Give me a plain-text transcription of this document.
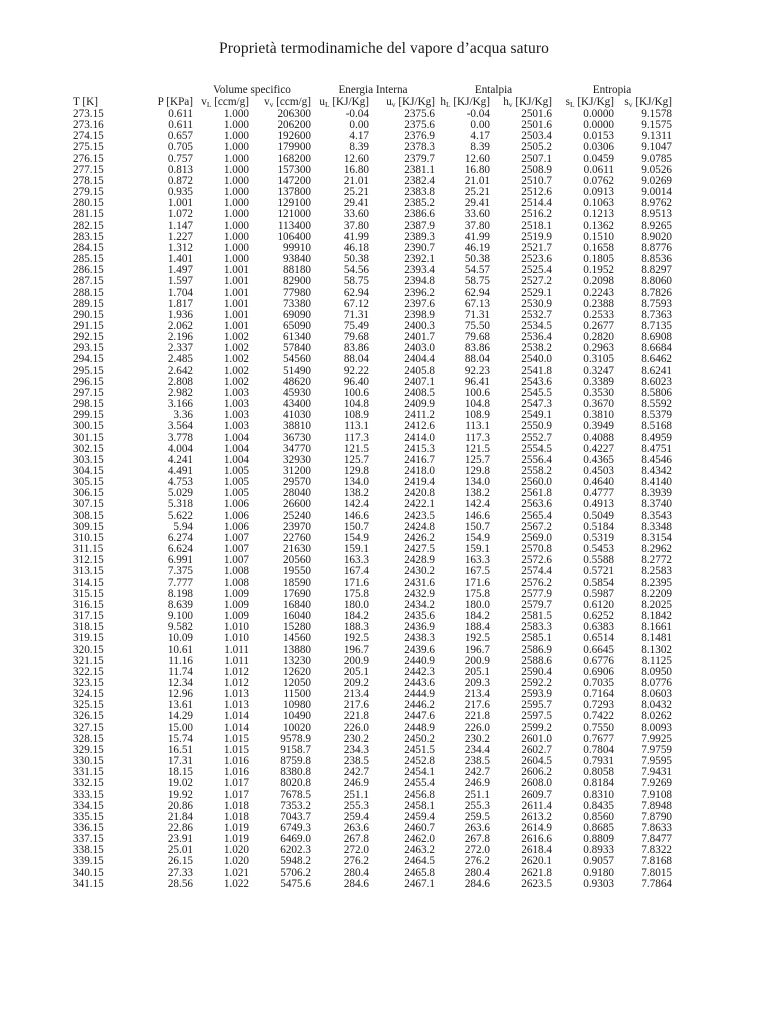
Proprietà termodinamiche del vapore d’acqua saturo
		Volume specifico		Energia Interna		Entalpia		Entropia	
T [K]	P [KPa]	$v_L$ [ccm/g]	$v_v$ [ccm/g]	$u_L$ [KJ/Kg]	$u_v$ [KJ/Kg]	$h_L$ [KJ/Kg]	$h_v$ [KJ/Kg]	$s_L$ [KJ/Kg]	$s_v$ [KJ/Kg]
273.15	0.611	1.000	206300	-0.04	2375.6	-0.04	2501.6	0.0000	9.1578
273.16	0.611	1.000	206200	0.00	2375.6	0.00	2501.6	0.0000	9.1575
274.15	0.657	1.000	192600	4.17	2376.9	4.17	2503.4	0.0153	9.1311
275.15	0.705	1.000	179900	8.39	2378.3	8.39	2505.2	0.0306	9.1047
276.15	0.757	1.000	168200	12.60	2379.7	12.60	2507.1	0.0459	9.0785
277.15	0.813	1.000	157300	16.80	2381.1	16.80	2508.9	0.0611	9.0526
278.15	0.872	1.000	147200	21.01	2382.4	21.01	2510.7	0.0762	9.0269
279.15	0.935	1.000	137800	25.21	2383.8	25.21	2512.6	0.0913	9.0014
280.15	1.001	1.000	129100	29.41	2385.2	29.41	2514.4	0.1063	8.9762
281.15	1.072	1.000	121000	33.60	2386.6	33.60	2516.2	0.1213	8.9513
282.15	1.147	1.000	113400	37.80	2387.9	37.80	2518.1	0.1362	8.9265
283.15	1.227	1.000	106400	41.99	2389.3	41.99	2519.9	0.1510	8.9020
284.15	1.312	1.000	99910	46.18	2390.7	46.19	2521.7	0.1658	8.8776
285.15	1.401	1.000	93840	50.38	2392.1	50.38	2523.6	0.1805	8.8536
286.15	1.497	1.001	88180	54.56	2393.4	54.57	2525.4	0.1952	8.8297
287.15	1.597	1.001	82900	58.75	2394.8	58.75	2527.2	0.2098	8.8060
288.15	1.704	1.001	77980	62.94	2396.2	62.94	2529.1	0.2243	8.7826
289.15	1.817	1.001	73380	67.12	2397.6	67.13	2530.9	0.2388	8.7593
290.15	1.936	1.001	69090	71.31	2398.9	71.31	2532.7	0.2533	8.7363
291.15	2.062	1.001	65090	75.49	2400.3	75.50	2534.5	0.2677	8.7135
292.15	2.196	1.002	61340	79.68	2401.7	79.68	2536.4	0.2820	8.6908
293.15	2.337	1.002	57840	83.86	2403.0	83.86	2538.2	0.2963	8.6684
294.15	2.485	1.002	54560	88.04	2404.4	88.04	2540.0	0.3105	8.6462
295.15	2.642	1.002	51490	92.22	2405.8	92.23	2541.8	0.3247	8.6241
296.15	2.808	1.002	48620	96.40	2407.1	96.41	2543.6	0.3389	8.6023
297.15	2.982	1.003	45930	100.6	2408.5	100.6	2545.5	0.3530	8.5806
298.15	3.166	1.003	43400	104.8	2409.9	104.8	2547.3	0.3670	8.5592
299.15	3.36	1.003	41030	108.9	2411.2	108.9	2549.1	0.3810	8.5379
300.15	3.564	1.003	38810	113.1	2412.6	113.1	2550.9	0.3949	8.5168
301.15	3.778	1.004	36730	117.3	2414.0	117.3	2552.7	0.4088	8.4959
302.15	4.004	1.004	34770	121.5	2415.3	121.5	2554.5	0.4227	8.4751
303.15	4.241	1.004	32930	125.7	2416.7	125.7	2556.4	0.4365	8.4546
304.15	4.491	1.005	31200	129.8	2418.0	129.8	2558.2	0.4503	8.4342
305.15	4.753	1.005	29570	134.0	2419.4	134.0	2560.0	0.4640	8.4140
306.15	5.029	1.005	28040	138.2	2420.8	138.2	2561.8	0.4777	8.3939
307.15	5.318	1.006	26600	142.4	2422.1	142.4	2563.6	0.4913	8.3740
308.15	5.622	1.006	25240	146.6	2423.5	146.6	2565.4	0.5049	8.3543
309.15	5.94	1.006	23970	150.7	2424.8	150.7	2567.2	0.5184	8.3348
310.15	6.274	1.007	22760	154.9	2426.2	154.9	2569.0	0.5319	8.3154
311.15	6.624	1.007	21630	159.1	2427.5	159.1	2570.8	0.5453	8.2962
312.15	6.991	1.007	20560	163.3	2428.9	163.3	2572.6	0.5588	8.2772
313.15	7.375	1.008	19550	167.4	2430.2	167.5	2574.4	0.5721	8.2583
314.15	7.777	1.008	18590	171.6	2431.6	171.6	2576.2	0.5854	8.2395
315.15	8.198	1.009	17690	175.8	2432.9	175.8	2577.9	0.5987	8.2209
316.15	8.639	1.009	16840	180.0	2434.2	180.0	2579.7	0.6120	8.2025
317.15	9.100	1.009	16040	184.2	2435.6	184.2	2581.5	0.6252	8.1842
318.15	9.582	1.010	15280	188.3	2436.9	188.4	2583.3	0.6383	8.1661
319.15	10.09	1.010	14560	192.5	2438.3	192.5	2585.1	0.6514	8.1481
320.15	10.61	1.011	13880	196.7	2439.6	196.7	2586.9	0.6645	8.1302
321.15	11.16	1.011	13230	200.9	2440.9	200.9	2588.6	0.6776	8.1125
322.15	11.74	1.012	12620	205.1	2442.3	205.1	2590.4	0.6906	8.0950
323.15	12.34	1.012	12050	209.2	2443.6	209.3	2592.2	0.7035	8.0776
324.15	12.96	1.013	11500	213.4	2444.9	213.4	2593.9	0.7164	8.0603
325.15	13.61	1.013	10980	217.6	2446.2	217.6	2595.7	0.7293	8.0432
326.15	14.29	1.014	10490	221.8	2447.6	221.8	2597.5	0.7422	8.0262
327.15	15.00	1.014	10020	226.0	2448.9	226.0	2599.2	0.7550	8.0093
328.15	15.74	1.015	9578.9	230.2	2450.2	230.2	2601.0	0.7677	7.9925
329.15	16.51	1.015	9158.7	234.3	2451.5	234.4	2602.7	0.7804	7.9759
330.15	17.31	1.016	8759.8	238.5	2452.8	238.5	2604.5	0.7931	7.9595
331.15	18.15	1.016	8380.8	242.7	2454.1	242.7	2606.2	0.8058	7.9431
332.15	19.02	1.017	8020.8	246.9	2455.4	246.9	2608.0	0.8184	7.9269
333.15	19.92	1.017	7678.5	251.1	2456.8	251.1	2609.7	0.8310	7.9108
334.15	20.86	1.018	7353.2	255.3	2458.1	255.3	2611.4	0.8435	7.8948
335.15	21.84	1.018	7043.7	259.4	2459.4	259.5	2613.2	0.8560	7.8790
336.15	22.86	1.019	6749.3	263.6	2460.7	263.6	2614.9	0.8685	7.8633
337.15	23.91	1.019	6469.0	267.8	2462.0	267.8	2616.6	0.8809	7.8477
338.15	25.01	1.020	6202.3	272.0	2463.2	272.0	2618.4	0.8933	7.8322
339.15	26.15	1.020	5948.2	276.2	2464.5	276.2	2620.1	0.9057	7.8168
340.15	27.33	1.021	5706.2	280.4	2465.8	280.4	2621.8	0.9180	7.8015
341.15	28.56	1.022	5475.6	284.6	2467.1	284.6	2623.5	0.9303	7.7864
